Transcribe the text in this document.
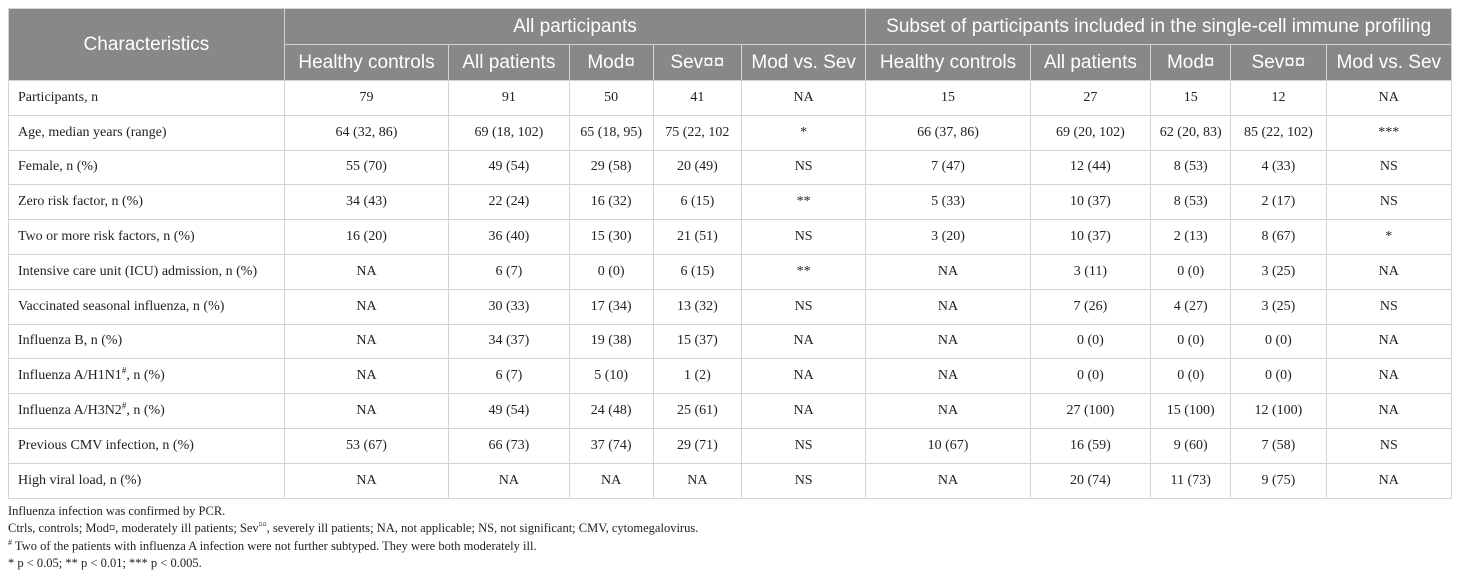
Characteristics	All participants					Subset of participants included in the single-cell immune profiling				
	Healthy controls	All patients	Mod¤	Sev¤¤	Mod vs. Sev	Healthy controls	All patients	Mod¤	Sev¤¤	Mod vs. Sev
Participants, n	79	91	50	41	NA	15	27	15	12	NA
Age, median years (range)	64 (32, 86)	69 (18, 102)	65 (18, 95)	75 (22, 102	*	66 (37, 86)	69 (20, 102)	62 (20, 83)	85 (22, 102)	***
Female, n (%)	55 (70)	49 (54)	29 (58)	20 (49)	NS	7 (47)	12 (44)	8 (53)	4 (33)	NS
Zero risk factor, n (%)	34 (43)	22 (24)	16 (32)	6 (15)	**	5 (33)	10 (37)	8 (53)	2 (17)	NS
Two or more risk factors, n (%)	16 (20)	36 (40)	15 (30)	21 (51)	NS	3 (20)	10 (37)	2 (13)	8 (67)	*
Intensive care unit (ICU) admission, n (%)	NA	6 (7)	0 (0)	6 (15)	**	NA	3 (11)	0 (0)	3 (25)	NA
Vaccinated seasonal influenza, n (%)	NA	30 (33)	17 (34)	13 (32)	NS	NA	7 (26)	4 (27)	3 (25)	NS
Influenza B, n (%)	NA	34 (37)	19 (38)	15 (37)	NA	NA	0 (0)	0 (0)	0 (0)	NA
Influenza A/H1N1#, n (%)	NA	6 (7)	5 (10)	1 (2)	NA	NA	0 (0)	0 (0)	0 (0)	NA
Influenza A/H3N2#, n (%)	NA	49 (54)	24 (48)	25 (61)	NA	NA	27 (100)	15 (100)	12 (100)	NA
Previous CMV infection, n (%)	53 (67)	66 (73)	37 (74)	29 (71)	NS	10 (67)	16 (59)	9 (60)	7 (58)	NS
High viral load, n (%)	NA	NA	NA	NA	NS	NA	20 (74)	11 (73)	9 (75)	NA
Influenza infection was confirmed by PCR.
Ctrls, controls; Mod¤, moderately ill patients; Sev¤¤, severely ill patients; NA, not applicable; NS, not significant; CMV, cytomegalovirus.
# Two of the patients with influenza A infection were not further subtyped. They were both moderately ill.
* p < 0.05; ** p < 0.01; *** p < 0.005.
